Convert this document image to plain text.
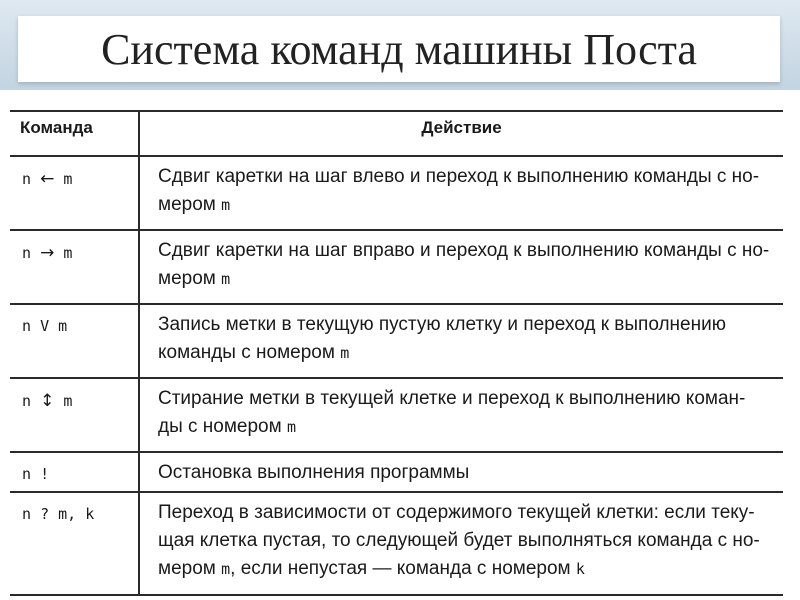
Система команд машины Поста
Команда	Действие
n ← m	Сдвиг каретки на шаг влево и переход к выполнению команды с но-
мером m
n → m	Сдвиг каретки на шаг вправо и переход к выполнению команды с но-
мером m
n V m	Запись метки в текущую пустую клетку и переход к выполнению
команды с номером m
n ↕ m	Стирание метки в текущей клетке и переход к выполнению коман-
ды с номером m
n !	Остановка выполнения программы
n ? m, k	Переход в зависимости от содержимого текущей клетки: если теку-
щая клетка пустая, то следующей будет выполняться команда с но-
мером m, если непустая — команда с номером k
